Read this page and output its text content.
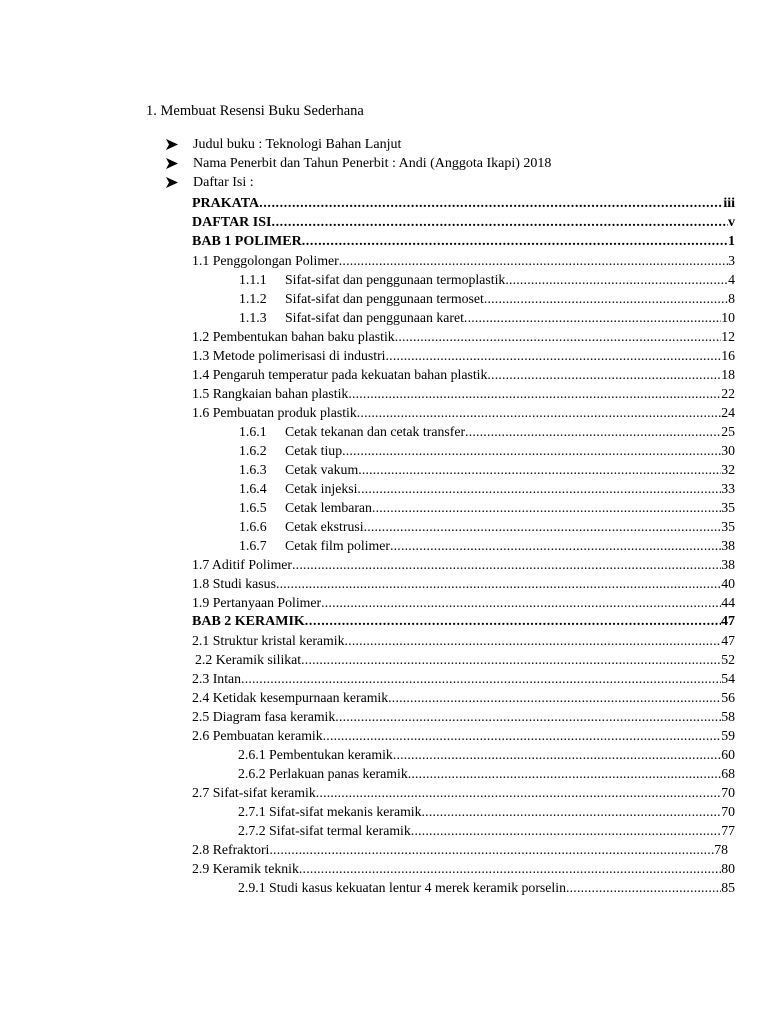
1. Membuat Resensi Buku Sederhana
Judul buku : Teknologi Bahan Lanjut
Nama Penerbit dan Tahun Penerbit : Andi (Anggota Ikapi) 2018
Daftar Isi :
PRAKATA .....	iii
DAFTAR ISI .....	v
BAB 1 POLIMER .....	1
1.1 Penggolongan Polimer .....	3
1.1.1 Sifat-sifat dan penggunaan termoplastik .....	4
1.1.2 Sifat-sifat dan penggunaan termoset .....	8
1.1.3 Sifat-sifat dan penggunaan karet .....	10
1.2 Pembentukan bahan baku plastik .....	12
1.3 Metode polimerisasi di industri .....	16
1.4 Pengaruh temperatur pada kekuatan bahan plastik .....	18
1.5 Rangkaian bahan plastik .....	22
1.6 Pembuatan produk plastik .....	24
1.6.1 Cetak tekanan dan cetak transfer .....	25
1.6.2 Cetak tiup .....	30
1.6.3 Cetak vakum .....	32
1.6.4 Cetak injeksi .....	33
1.6.5 Cetak lembaran .....	35
1.6.6 Cetak ekstrusi .....	35
1.6.7 Cetak film polimer .....	38
1.7 Aditif Polimer .....	38
1.8 Studi kasus .....	40
1.9 Pertanyaan Polimer .....	44
BAB 2 KERAMIK .....	47
2.1 Struktur kristal keramik .....	47
2.2 Keramik silikat .....	52
2.3 Intan .....	54
2.4 Ketidak kesempurnaan keramik .....	56
2.5 Diagram fasa keramik .....	58
2.6 Pembuatan keramik .....	59
2.6.1 Pembentukan keramik .....	60
2.6.2 Perlakuan panas keramik .....	68
2.7 Sifat-sifat keramik .....	70
2.7.1 Sifat-sifat mekanis keramik .....	70
2.7.2 Sifat-sifat termal keramik .....	77
2.8 Refraktori .....	78
2.9 Keramik teknik .....	80
2.9.1 Studi kasus kekuatan lentur 4 merek keramik porselin .....	85
